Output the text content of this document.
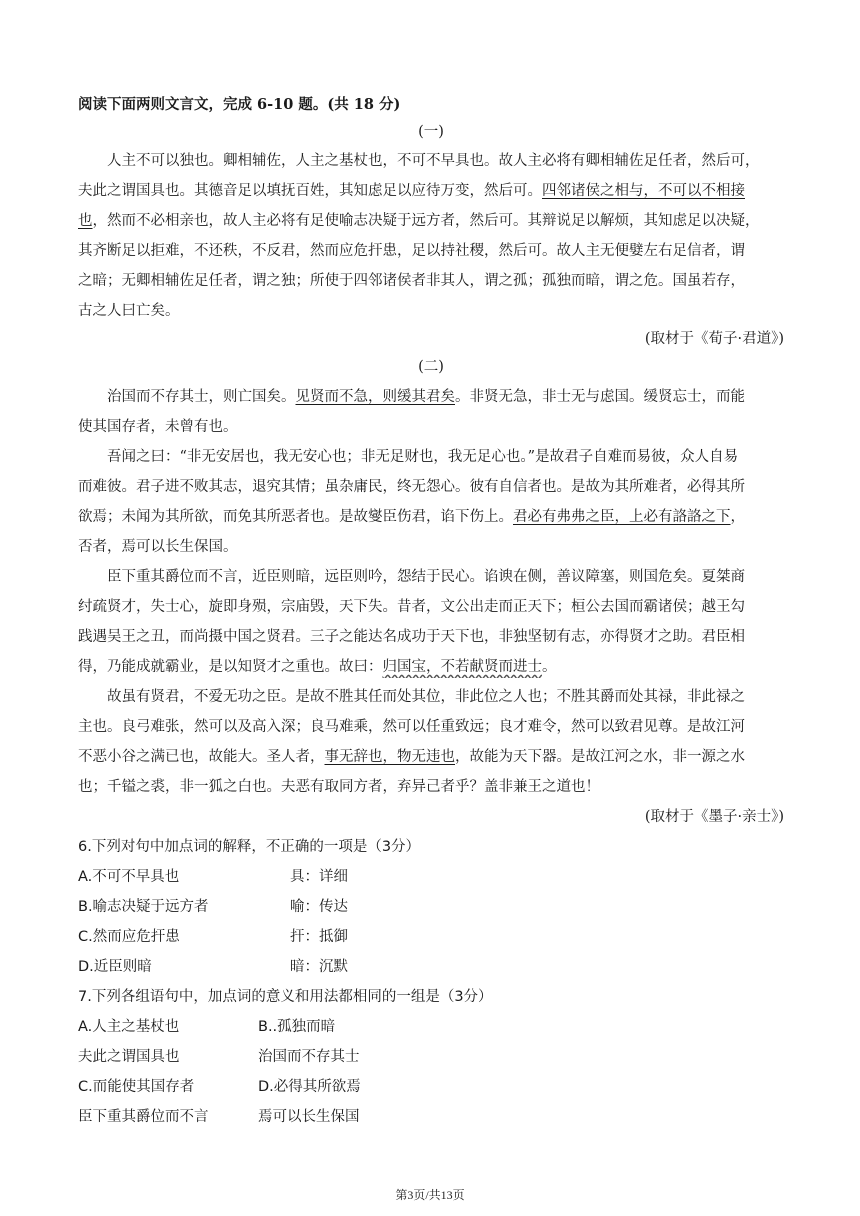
阅读下面两则文言文，完成 6-10 题。(共 18 分)
(一)
人主不可以独也。卿相辅佐，人主之基杖也，不可不早具也。故人主必将有卿相辅佐足任者，然后可，
夫此之谓国具也。其德音足以填抚百姓，其知虑足以应待万变，然后可。四邻诸侯之相与，不可以不相接
也，然而不必相亲也，故人主必将有足使喻志决疑于远方者，然后可。其辩说足以解烦，其知虑足以决疑，
其齐断足以拒难，不还秩，不反君，然而应危扞患，足以持社稷，然后可。故人主无便嬖左右足信者，谓
之暗；无卿相辅佐足任者，谓之独；所使于四邻诸侯者非其人，谓之孤；孤独而暗，谓之危。国虽若存，
古之人曰亡矣。
(取材于《荀子·君道》)
(二)
治国而不存其士，则亡国矣。见贤而不急，则缓其君矣。非贤无急，非士无与虑国。缓贤忘士，而能
使其国存者，未曾有也。
吾闻之曰：“非无安居也，我无安心也；非无足财也，我无足心也。”是故君子自难而易彼，众人自易
而难彼。君子进不败其志，退究其情；虽杂庸民，终无怨心。彼有自信者也。是故为其所难者，必得其所
欲焉；未闻为其所欲，而免其所恶者也。是故燮臣伤君，谄下伤上。君必有弗弗之臣，上必有詻詻之下，
否者，焉可以长生保国。
臣下重其爵位而不言，近臣则暗，远臣则吟，怨结于民心。谄谀在侧，善议障塞，则国危矣。夏桀商
纣疏贤才，失士心，旋即身殒，宗庙毁，天下失。昔者，文公出走而正天下；桓公去国而霸诸侯；越王勾
践遇吴王之丑，而尚摄中国之贤君。三子之能达名成功于天下也，非独坚韧有志，亦得贤才之助。君臣相
得，乃能成就霸业，是以知贤才之重也。故曰：归国宝，不若献贤而进士。
故虽有贤君，不爱无功之臣。是故不胜其任而处其位，非此位之人也；不胜其爵而处其禄，非此禄之
主也。良弓难张，然可以及高入深；良马难乘，然可以任重致远；良才难令，然可以致君见尊。是故江河
不恶小谷之满已也，故能大。圣人者，事无辞也，物无违也，故能为天下器。是故江河之水，非一源之水
也；千镒之裘，非一狐之白也。夫恶有取同方者，弃异己者乎？盖非兼王之道也！
(取材于《墨子·亲士》)
6.下列对句中加点词的解释，不正确的一项是（3分）
A.不可不早具也	具：详细
B.喻志决疑于远方者	喻：传达
C.然而应危扞患	扞：抵御
D.近臣则暗	暗：沉默
7.下列各组语句中，加点词的意义和用法都相同的一组是（3分）
A.人主之基杖也	B..孤独而暗
夫此之谓国具也	治国而不存其士
C.而能使其国存者	D.必得其所欲焉
臣下重其爵位而不言	焉可以长生保国
第3页/共13页
